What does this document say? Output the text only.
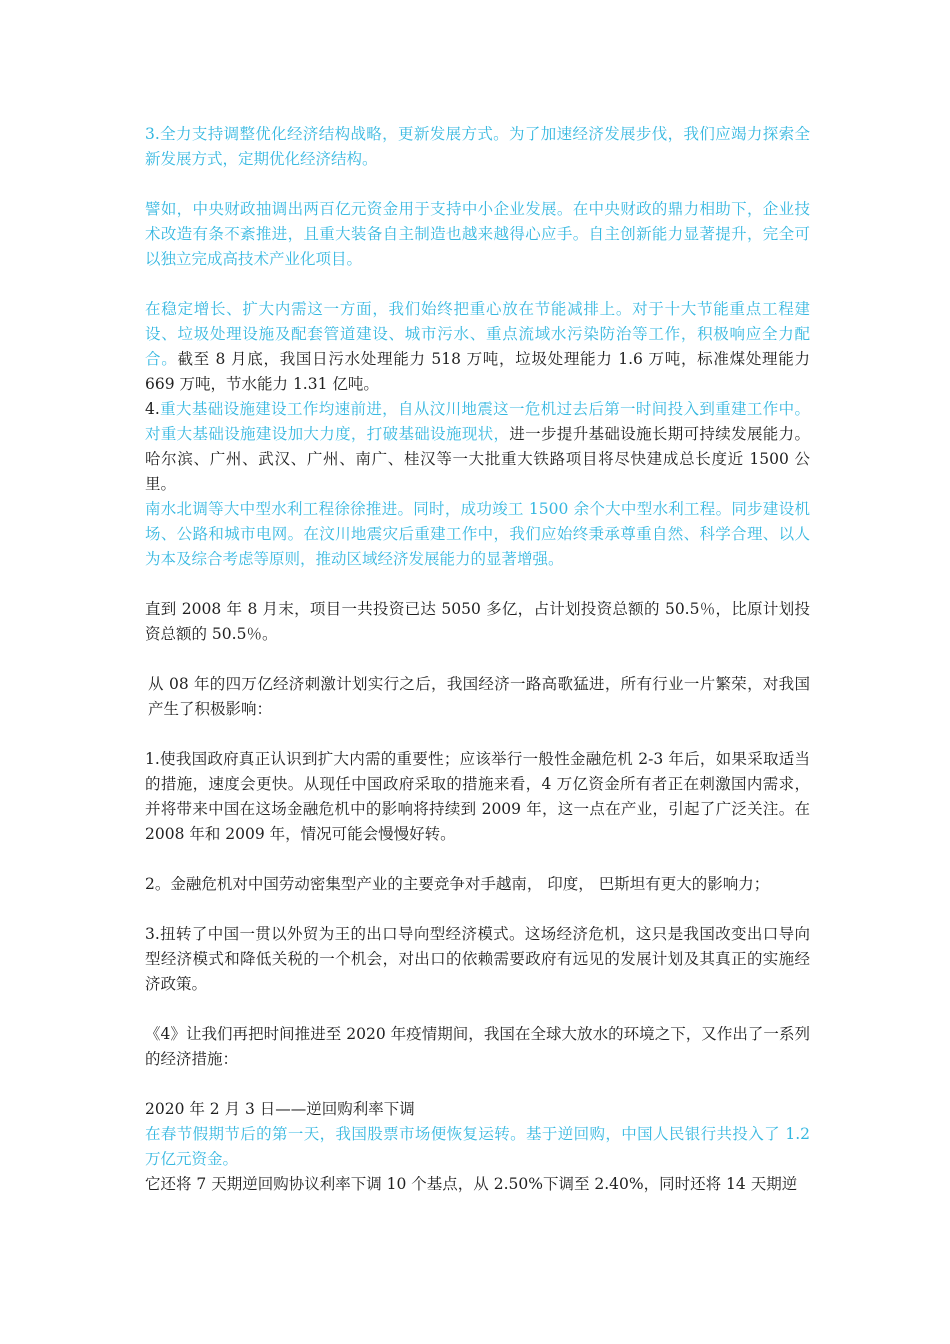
3.全力支持调整优化经济结构战略，更新发展方式。为了加速经济发展步伐，我们应竭力探索全新发展方式，定期优化经济结构。

譬如，中央财政抽调出两百亿元资金用于支持中小企业发展。在中央财政的鼎力相助下，企业技术改造有条不紊推进，且重大装备自主制造也越来越得心应手。自主创新能力显著提升，完全可以独立完成高技术产业化项目。

在稳定增长、扩大内需这一方面，我们始终把重心放在节能减排上。对于十大节能重点工程建设、垃圾处理设施及配套管道建设、城市污水、重点流域水污染防治等工作，积极响应全力配合。截至 8 月底，我国日污水处理能力 518 万吨，垃圾处理能力 1.6 万吨，标准煤处理能力 669 万吨，节水能力 1.31 亿吨。

4.重大基础设施建设工作均速前进，自从汶川地震这一危机过去后第一时间投入到重建工作中。对重大基础设施建设加大力度，打破基础设施现状，进一步提升基础设施长期可持续发展能力。哈尔滨、广州、武汉、广州、南广、桂汉等一大批重大铁路项目将尽快建成总长度近 1500 公里。

南水北调等大中型水利工程徐徐推进。同时，成功竣工 1500 余个大中型水利工程。同步建设机场、公路和城市电网。在汶川地震灾后重建工作中，我们应始终秉承尊重自然、科学合理、以人为本及综合考虑等原则，推动区域经济发展能力的显著增强。

直到 2008 年 8 月末，项目一共投资已达 5050 多亿，占计划投资总额的 50.5％，比原计划投资总额的 50.5％。

从 08 年的四万亿经济刺激计划实行之后，我国经济一路高歌猛进，所有行业一片繁荣，对我国产生了积极影响：

1.使我国政府真正认识到扩大内需的重要性；应该举行一般性金融危机 2-3 年后，如果采取适当的措施，速度会更快。从现任中国政府采取的措施来看，4 万亿资金所有者正在刺激国内需求，并将带来中国在这场金融危机中的影响将持续到 2009 年，这一点在产业，引起了广泛关注。在 2008 年和 2009 年，情况可能会慢慢好转。

2。金融危机对中国劳动密集型产业的主要竞争对手越南， 印度， 巴斯坦有更大的影响力；

3.扭转了中国一贯以外贸为王的出口导向型经济模式。这场经济危机，这只是我国改变出口导向型经济模式和降低关税的一个机会，对出口的依赖需要政府有远见的发展计划及其真正的实施经济政策。

《4》让我们再把时间推进至 2020 年疫情期间，我国在全球大放水的环境之下，又作出了一系列的经济措施：

2020 年 2 月 3 日——逆回购利率下调

在春节假期节后的第一天，我国股票市场便恢复运转。基于逆回购，中国人民银行共投入了 1.2 万亿元资金。

它还将 7 天期逆回购协议利率下调 10 个基点，从 2.50%下调至 2.40%，同时还将 14 天期逆
